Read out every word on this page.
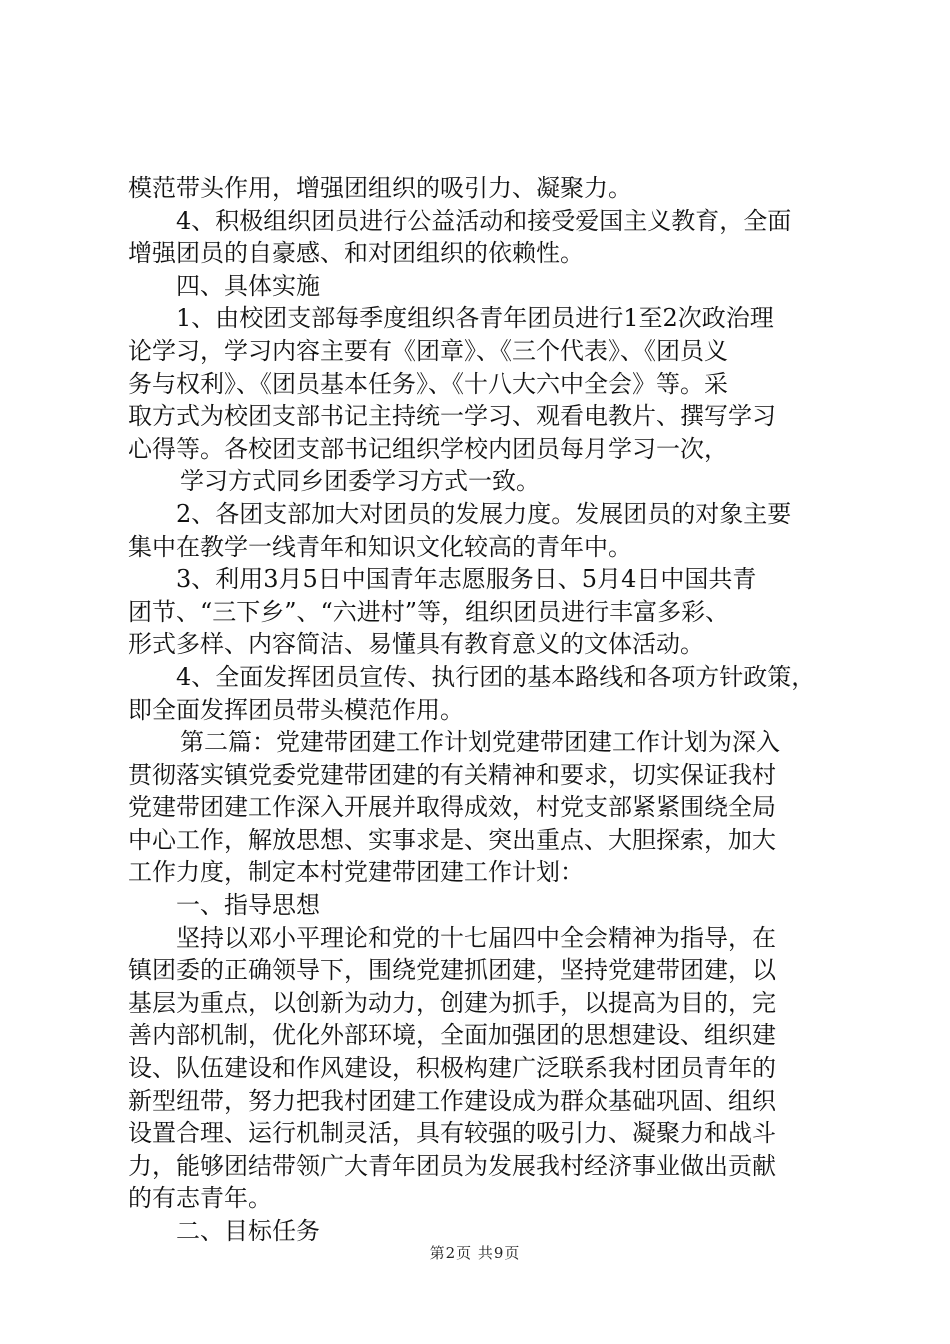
模范带头作用，增强团组织的吸引力、凝聚力。
4、积极组织团员进行公益活动和接受爱国主义教育，全面
增强团员的自豪感、和对团组织的依赖性。
四、具体实施
1、由校团支部每季度组织各青年团员进行1至2次政治理
论学习，学习内容主要有《团章》、《三个代表》、《团员义
务与权利》、《团员基本任务》、《十八大六中全会》等。采
取方式为校团支部书记主持统一学习、观看电教片、撰写学习
心得等。各校团支部书记组织学校内团员每月学习一次，
学习方式同乡团委学习方式一致。
2、各团支部加大对团员的发展力度。发展团员的对象主要
集中在教学一线青年和知识文化较高的青年中。
3、利用3月5日中国青年志愿服务日、5月4日中国共青
团节、“三下乡”、“六进村”等，组织团员进行丰富多彩、
形式多样、内容简洁、易懂具有教育意义的文体活动。
4、全面发挥团员宣传、执行团的基本路线和各项方针政策，
即全面发挥团员带头模范作用。
第二篇：党建带团建工作计划党建带团建工作计划为深入
贯彻落实镇党委党建带团建的有关精神和要求，切实保证我村
党建带团建工作深入开展并取得成效，村党支部紧紧围绕全局
中心工作，解放思想、实事求是、突出重点、大胆探索，加大
工作力度，制定本村党建带团建工作计划：
一、指导思想
坚持以邓小平理论和党的十七届四中全会精神为指导，在
镇团委的正确领导下，围绕党建抓团建，坚持党建带团建，以
基层为重点，以创新为动力，创建为抓手，以提高为目的，完
善内部机制，优化外部环境，全面加强团的思想建设、组织建
设、队伍建设和作风建设，积极构建广泛联系我村团员青年的
新型纽带，努力把我村团建工作建设成为群众基础巩固、组织
设置合理、运行机制灵活，具有较强的吸引力、凝聚力和战斗
力，能够团结带领广大青年团员为发展我村经济事业做出贡献
的有志青年。
二、目标任务
第2页 共9页
